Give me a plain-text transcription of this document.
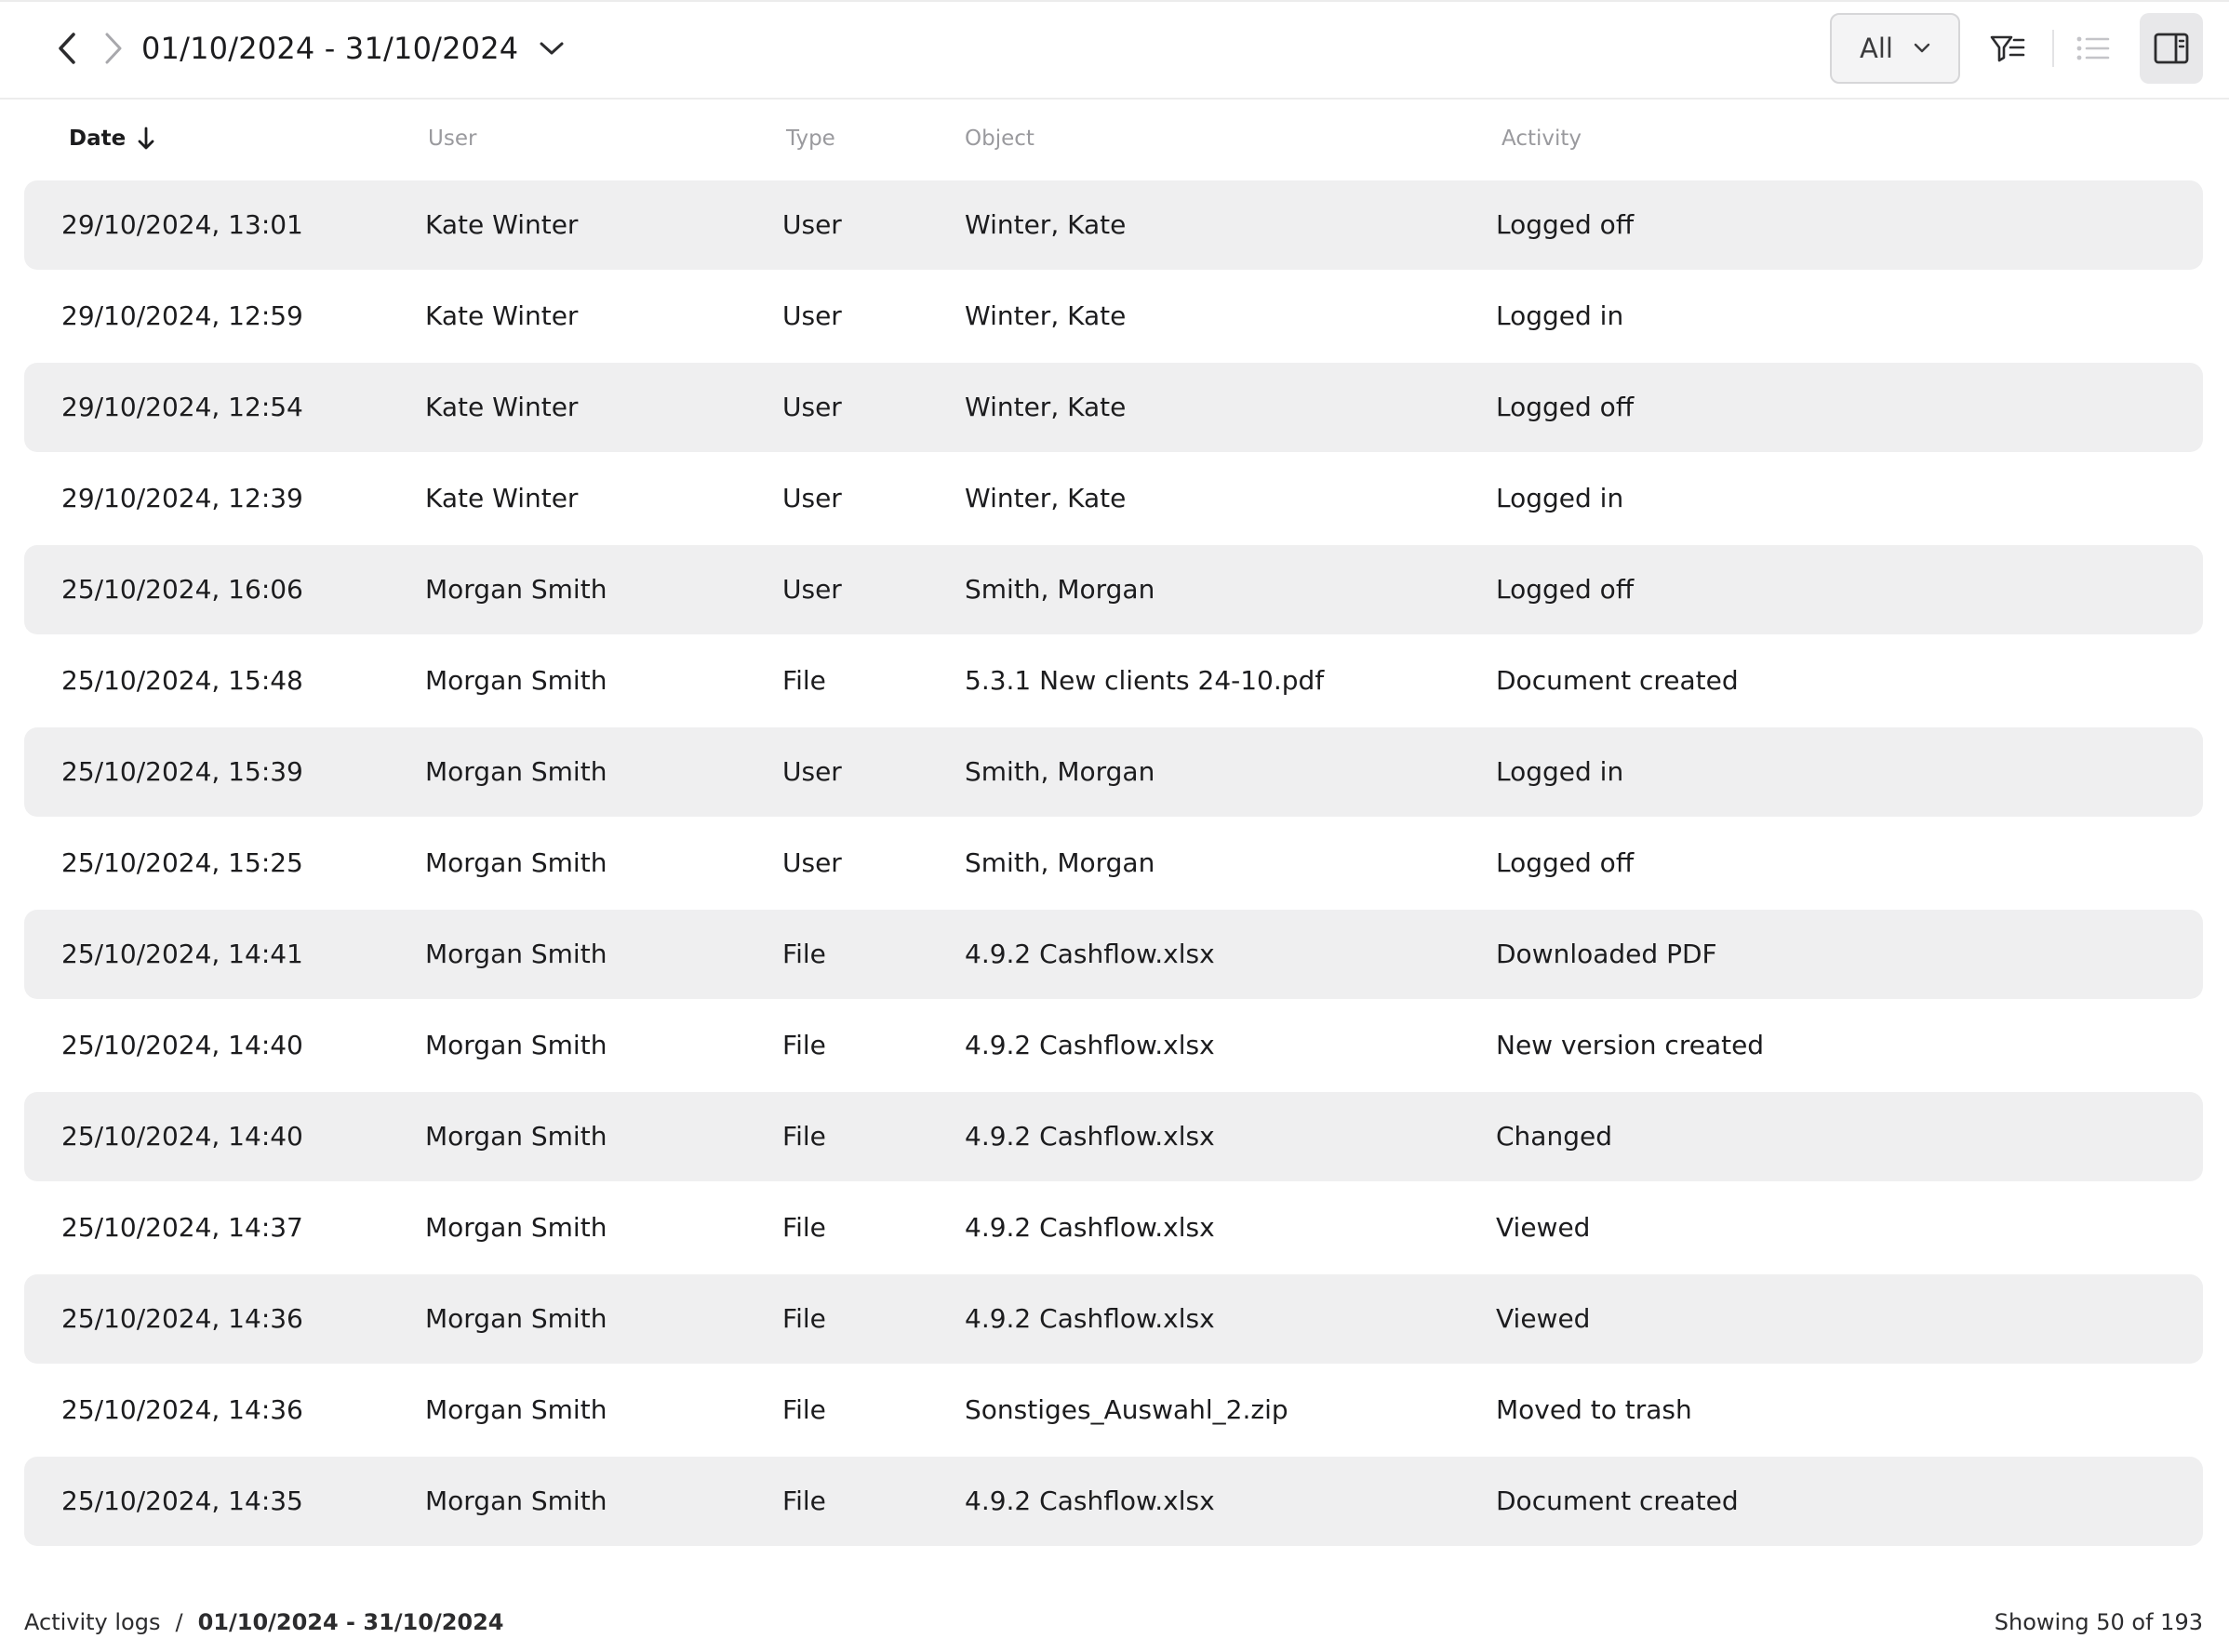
01/10/2024 - 31/10/2024	All
Date	User	Type	Object	Activity
29/10/2024, 13:01	Kate Winter	User	Winter, Kate	Logged off
29/10/2024, 12:59	Kate Winter	User	Winter, Kate	Logged in
29/10/2024, 12:54	Kate Winter	User	Winter, Kate	Logged off
29/10/2024, 12:39	Kate Winter	User	Winter, Kate	Logged in
25/10/2024, 16:06	Morgan Smith	User	Smith, Morgan	Logged off
25/10/2024, 15:48	Morgan Smith	File	5.3.1 New clients 24-10.pdf	Document created
25/10/2024, 15:39	Morgan Smith	User	Smith, Morgan	Logged in
25/10/2024, 15:25	Morgan Smith	User	Smith, Morgan	Logged off
25/10/2024, 14:41	Morgan Smith	File	4.9.2 Cashflow.xlsx	Downloaded PDF
25/10/2024, 14:40	Morgan Smith	File	4.9.2 Cashflow.xlsx	New version created
25/10/2024, 14:40	Morgan Smith	File	4.9.2 Cashflow.xlsx	Changed
25/10/2024, 14:37	Morgan Smith	File	4.9.2 Cashflow.xlsx	Viewed
25/10/2024, 14:36	Morgan Smith	File	4.9.2 Cashflow.xlsx	Viewed
25/10/2024, 14:36	Morgan Smith	File	Sonstiges_Auswahl_2.zip	Moved to trash
25/10/2024, 14:35	Morgan Smith	File	4.9.2 Cashflow.xlsx	Document created
Activity logs / 01/10/2024 - 31/10/2024	Showing 50 of 193
